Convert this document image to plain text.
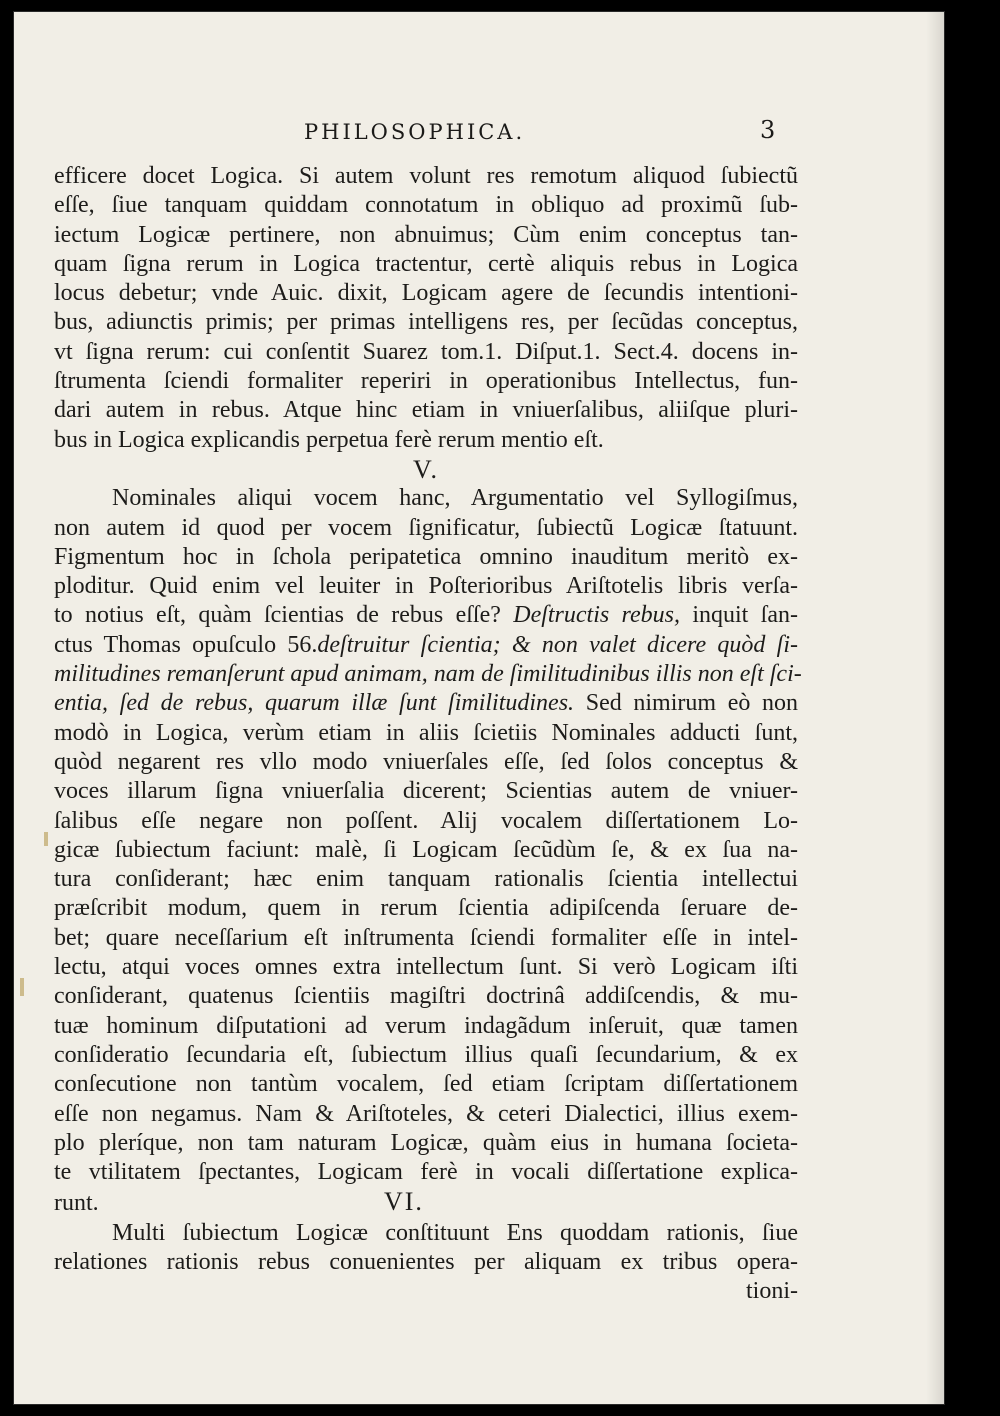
PHILOSOPHICA.	3
efficere docet Logica. Si autem volunt res remotum aliquod ſubiectũ
eſſe, ſiue tanquam quiddam connotatum in obliquo ad proximũ ſub-
iectum Logicæ pertinere, non abnuimus; Cùm enim conceptus tan-
quam ſigna rerum in Logica tractentur, certè aliquis rebus in Logica
locus debetur; vnde Auic. dixit, Logicam agere de ſecundis intentioni-
bus, adiunctis primis; per primas intelligens res, per ſecũdas conceptus,
vt ſigna rerum: cui conſentit Suarez tom.1. Diſput.1. Sect.4. docens in-
ſtrumenta ſciendi formaliter reperiri in operationibus Intellectus, fun-
dari autem in rebus. Atque hinc etiam in vniuerſalibus, aliiſque pluri-
bus in Logica explicandis perpetua ferè rerum mentio eſt.
V.
Nominales aliqui vocem hanc, Argumentatio vel Syllogiſmus,
non autem id quod per vocem ſignificatur, ſubiectũ Logicæ ſtatuunt.
Figmentum hoc in ſchola peripatetica omnino inauditum meritò ex-
ploditur. Quid enim vel leuiter in Poſterioribus Ariſtotelis libris verſa-
to notius eſt, quàm ſcientias de rebus eſſe? Deſtructis rebus, inquit ſan-
ctus Thomas opuſculo 56.deſtruitur ſcientia; & non valet dicere quòd ſi-
militudines remanſerunt apud animam, nam de ſimilitudinibus illis non eſt ſci-
entia, ſed de rebus, quarum illæ ſunt ſimilitudines. Sed nimirum eò non
modò in Logica, verùm etiam in aliis ſcietiis Nominales adducti ſunt,
quòd negarent res vllo modo vniuerſales eſſe, ſed ſolos conceptus &
voces illarum ſigna vniuerſalia dicerent; Scientias autem de vniuer-
ſalibus eſſe negare non poſſent. Alij vocalem diſſertationem Lo-
gicæ ſubiectum faciunt: malè, ſi Logicam ſecũdùm ſe, & ex ſua na-
tura conſiderant; hæc enim tanquam rationalis ſcientia intellectui
præſcribit modum, quem in rerum ſcientia adipiſcenda ſeruare de-
bet; quare neceſſarium eſt inſtrumenta ſciendi formaliter eſſe in intel-
lectu, atqui voces omnes extra intellectum ſunt. Si verò Logicam iſti
conſiderant, quatenus ſcientiis magiſtri doctrinâ addiſcendis, & mu-
tuæ hominum diſputationi ad verum indagãdum inſeruit, quæ tamen
conſideratio ſecundaria eſt, ſubiectum illius quaſi ſecundarium, & ex
conſecutione non tantùm vocalem, ſed etiam ſcriptam diſſertationem
eſſe non negamus. Nam & Ariſtoteles, & ceteri Dialectici, illius exem-
plo pleríque, non tam naturam Logicæ, quàm eius in humana ſocieta-
te vtilitatem ſpectantes, Logicam ferè in vocali diſſertatione explica-
runt.	VI.
Multi ſubiectum Logicæ conſtituunt Ens quoddam rationis, ſiue
relationes rationis rebus conuenientes per aliquam ex tribus opera-
tioni-
